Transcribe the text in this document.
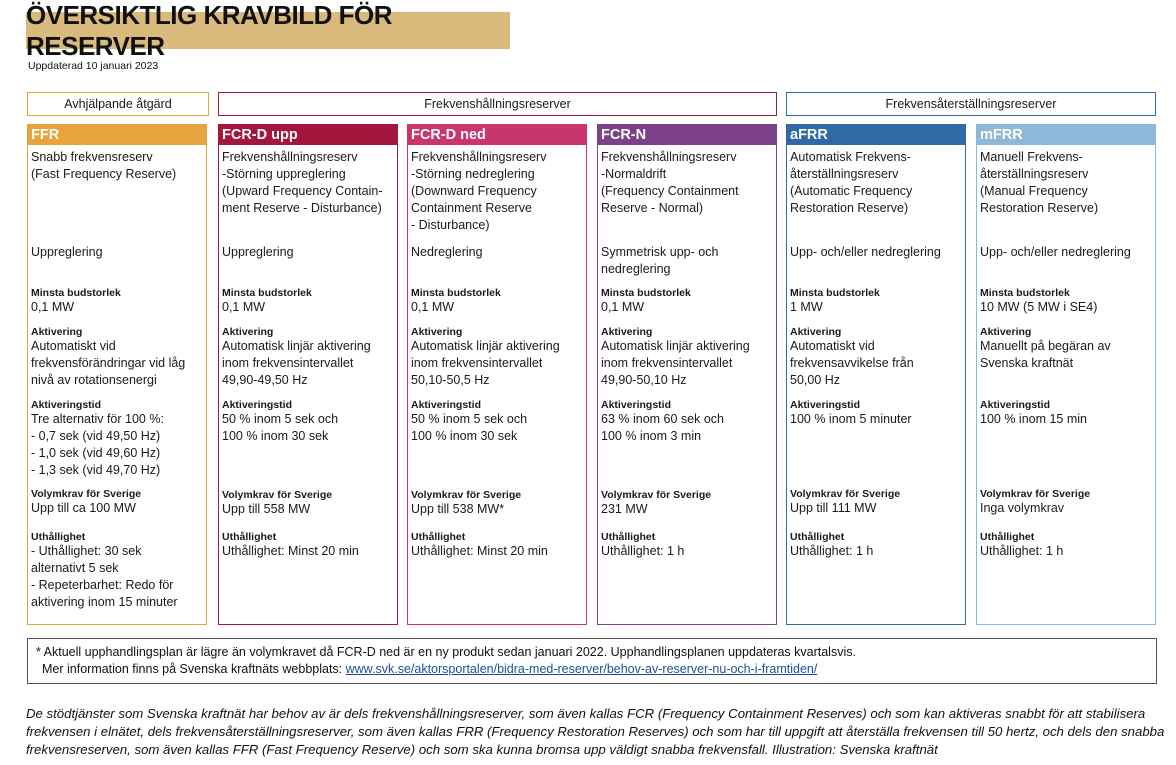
ÖVERSIKTLIG KRAVBILD FÖR RESERVER
Uppdaterad 10 januari 2023
Avhjälpande åtgärd	Frekvenshållningsreserver	Frekvensåterställningsreserver
FFR
Snabb frekvensreserv
(Fast Frequency Reserve)
Uppreglering
Minsta budstorlek
0,1 MW
Aktivering
Automatiskt vid
frekvensförändringar vid låg
nivå av rotationsenergi
Aktiveringstid
Tre alternativ för 100 %:
- 0,7 sek (vid 49,50 Hz)
- 1,0 sek (vid 49,60 Hz)
- 1,3 sek (vid 49,70 Hz)
Volymkrav för Sverige
Upp till ca 100 MW
Uthållighet
- Uthållighet: 30 sek
alternativt 5 sek
- Repeterbarhet: Redo för
aktivering inom 15 minuter
FCR-D upp
Frekvenshållningsreserv
-Störning uppreglering
(Upward Frequency Contain-
ment Reserve - Disturbance)
Uppreglering
Minsta budstorlek
0,1 MW
Aktivering
Automatisk linjär aktivering
inom frekvensintervallet
49,90-49,50 Hz
Aktiveringstid
50 % inom 5 sek och
100 % inom 30 sek
Volymkrav för Sverige
Upp till 558 MW
Uthållighet
Uthållighet: Minst 20 min
FCR-D ned
Frekvenshållningsreserv
-Störning nedreglering
(Downward Frequency
Containment Reserve
- Disturbance)
Nedreglering
Minsta budstorlek
0,1 MW
Aktivering
Automatisk linjär aktivering
inom frekvensintervallet
50,10-50,5 Hz
Aktiveringstid
50 % inom 5 sek och
100 % inom 30 sek
Volymkrav för Sverige
Upp till 538 MW*
Uthållighet
Uthållighet: Minst 20 min
FCR-N
Frekvenshållningsreserv
-Normaldrift
(Frequency Containment
Reserve - Normal)
Symmetrisk upp- och
nedreglering
Minsta budstorlek
0,1 MW
Aktivering
Automatisk linjär aktivering
inom frekvensintervallet
49,90-50,10 Hz
Aktiveringstid
63 % inom 60 sek och
100 % inom 3 min
Volymkrav för Sverige
231 MW
Uthållighet
Uthållighet: 1 h
aFRR
Automatisk Frekvens-
återställningsreserv
(Automatic Frequency
Restoration Reserve)
Upp- och/eller nedreglering
Minsta budstorlek
1 MW
Aktivering
Automatiskt vid
frekvensavvikelse från
50,00 Hz
Aktiveringstid
100 % inom 5 minuter
Volymkrav för Sverige
Upp till 111 MW
Uthållighet
Uthållighet: 1 h
mFRR
Manuell Frekvens-
återställningsreserv
(Manual Frequency
Restoration Reserve)
Upp- och/eller nedreglering
Minsta budstorlek
10 MW (5 MW i SE4)
Aktivering
Manuellt på begäran av
Svenska kraftnät
Aktiveringstid
100 % inom 15 min
Volymkrav för Sverige
Inga volymkrav
Uthållighet
Uthållighet: 1 h
* Aktuell upphandlingsplan är lägre än volymkravet då FCR-D ned är en ny produkt sedan januari 2022. Upphandlingsplanen uppdateras kvartalsvis.
Mer information finns på Svenska kraftnäts webbplats: www.svk.se/aktorsportalen/bidra-med-reserver/behov-av-reserver-nu-och-i-framtiden/
De stödtjänster som Svenska kraftnät har behov av är dels frekvenshållningsreserver, som även kallas FCR (Frequency Containment Reserves) och som kan aktiveras snabbt för att stabilisera frekvensen i elnätet, dels frekvensåterställningsreserver, som även kallas FRR (Frequency Restoration Reserves) och som har till uppgift att återställa frekvensen till 50 hertz, och dels den snabba frekvensreserven, som även kallas FFR (Fast Frequency Reserve) och som ska kunna bromsa upp väldigt snabba frekvensfall. Illustration: Svenska kraftnät
